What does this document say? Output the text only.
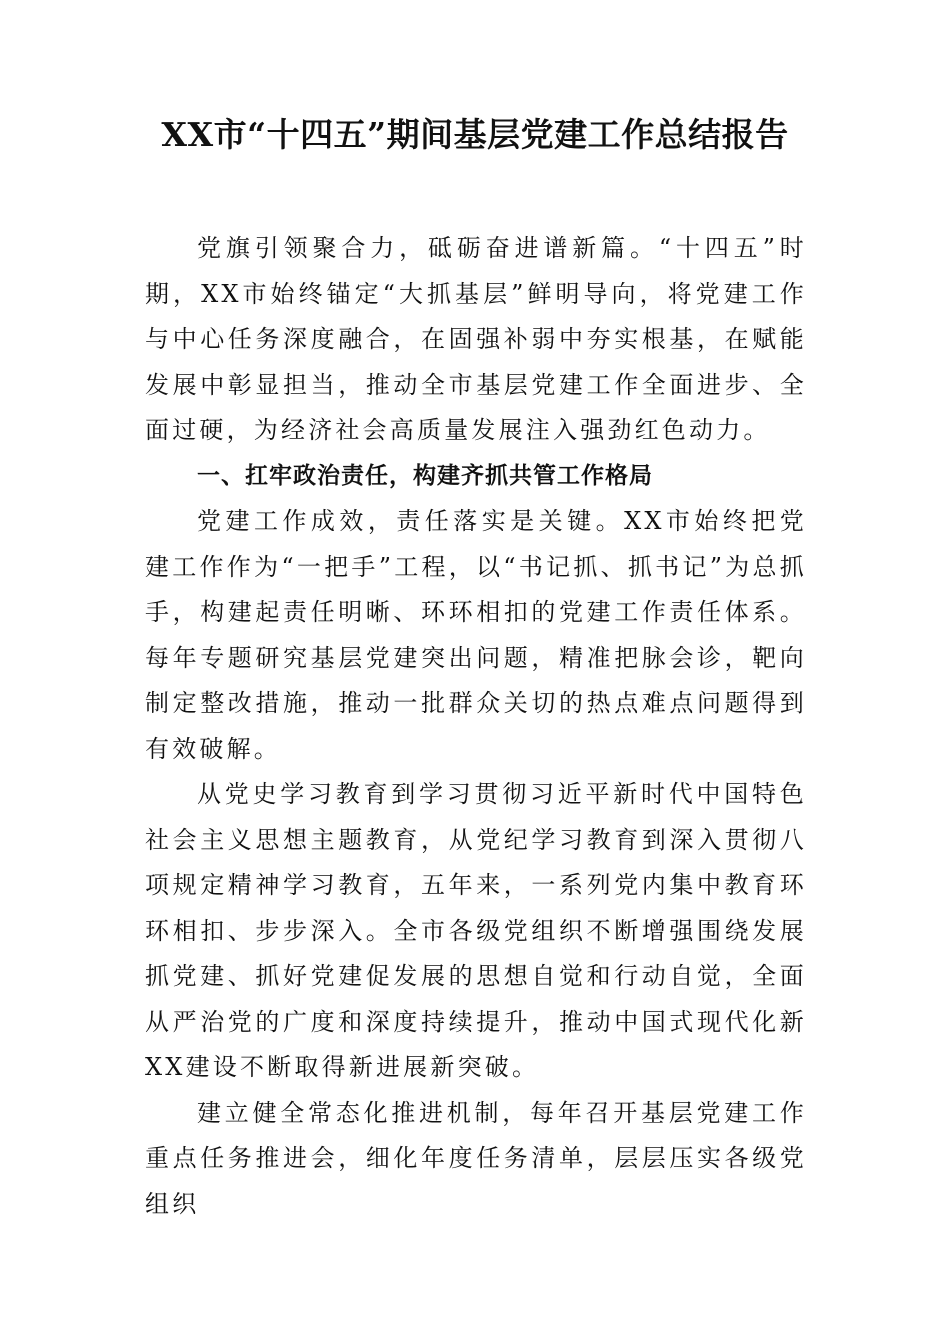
XX市“十四五”期间基层党建工作总结报告

党旗引领聚合力，砥砺奋进谱新篇。“十四五”时期，XX市始终锚定“大抓基层”鲜明导向，将党建工作与中心任务深度融合，在固强补弱中夯实根基，在赋能发展中彰显担当，推动全市基层党建工作全面进步、全面过硬，为经济社会高质量发展注入强劲红色动力。

一、扛牢政治责任，构建齐抓共管工作格局

党建工作成效，责任落实是关键。XX市始终把党建工作作为“一把手”工程，以“书记抓、抓书记”为总抓手，构建起责任明晰、环环相扣的党建工作责任体系。每年专题研究基层党建突出问题，精准把脉会诊，靶向制定整改措施，推动一批群众关切的热点难点问题得到有效破解。

从党史学习教育到学习贯彻习近平新时代中国特色社会主义思想主题教育，从党纪学习教育到深入贯彻八项规定精神学习教育，五年来，一系列党内集中教育环环相扣、步步深入。全市各级党组织不断增强围绕发展抓党建、抓好党建促发展的思想自觉和行动自觉，全面从严治党的广度和深度持续提升，推动中国式现代化新XX建设不断取得新进展新突破。

建立健全常态化推进机制，每年召开基层党建工作重点任务推进会，细化年度任务清单，层层压实各级党组织
